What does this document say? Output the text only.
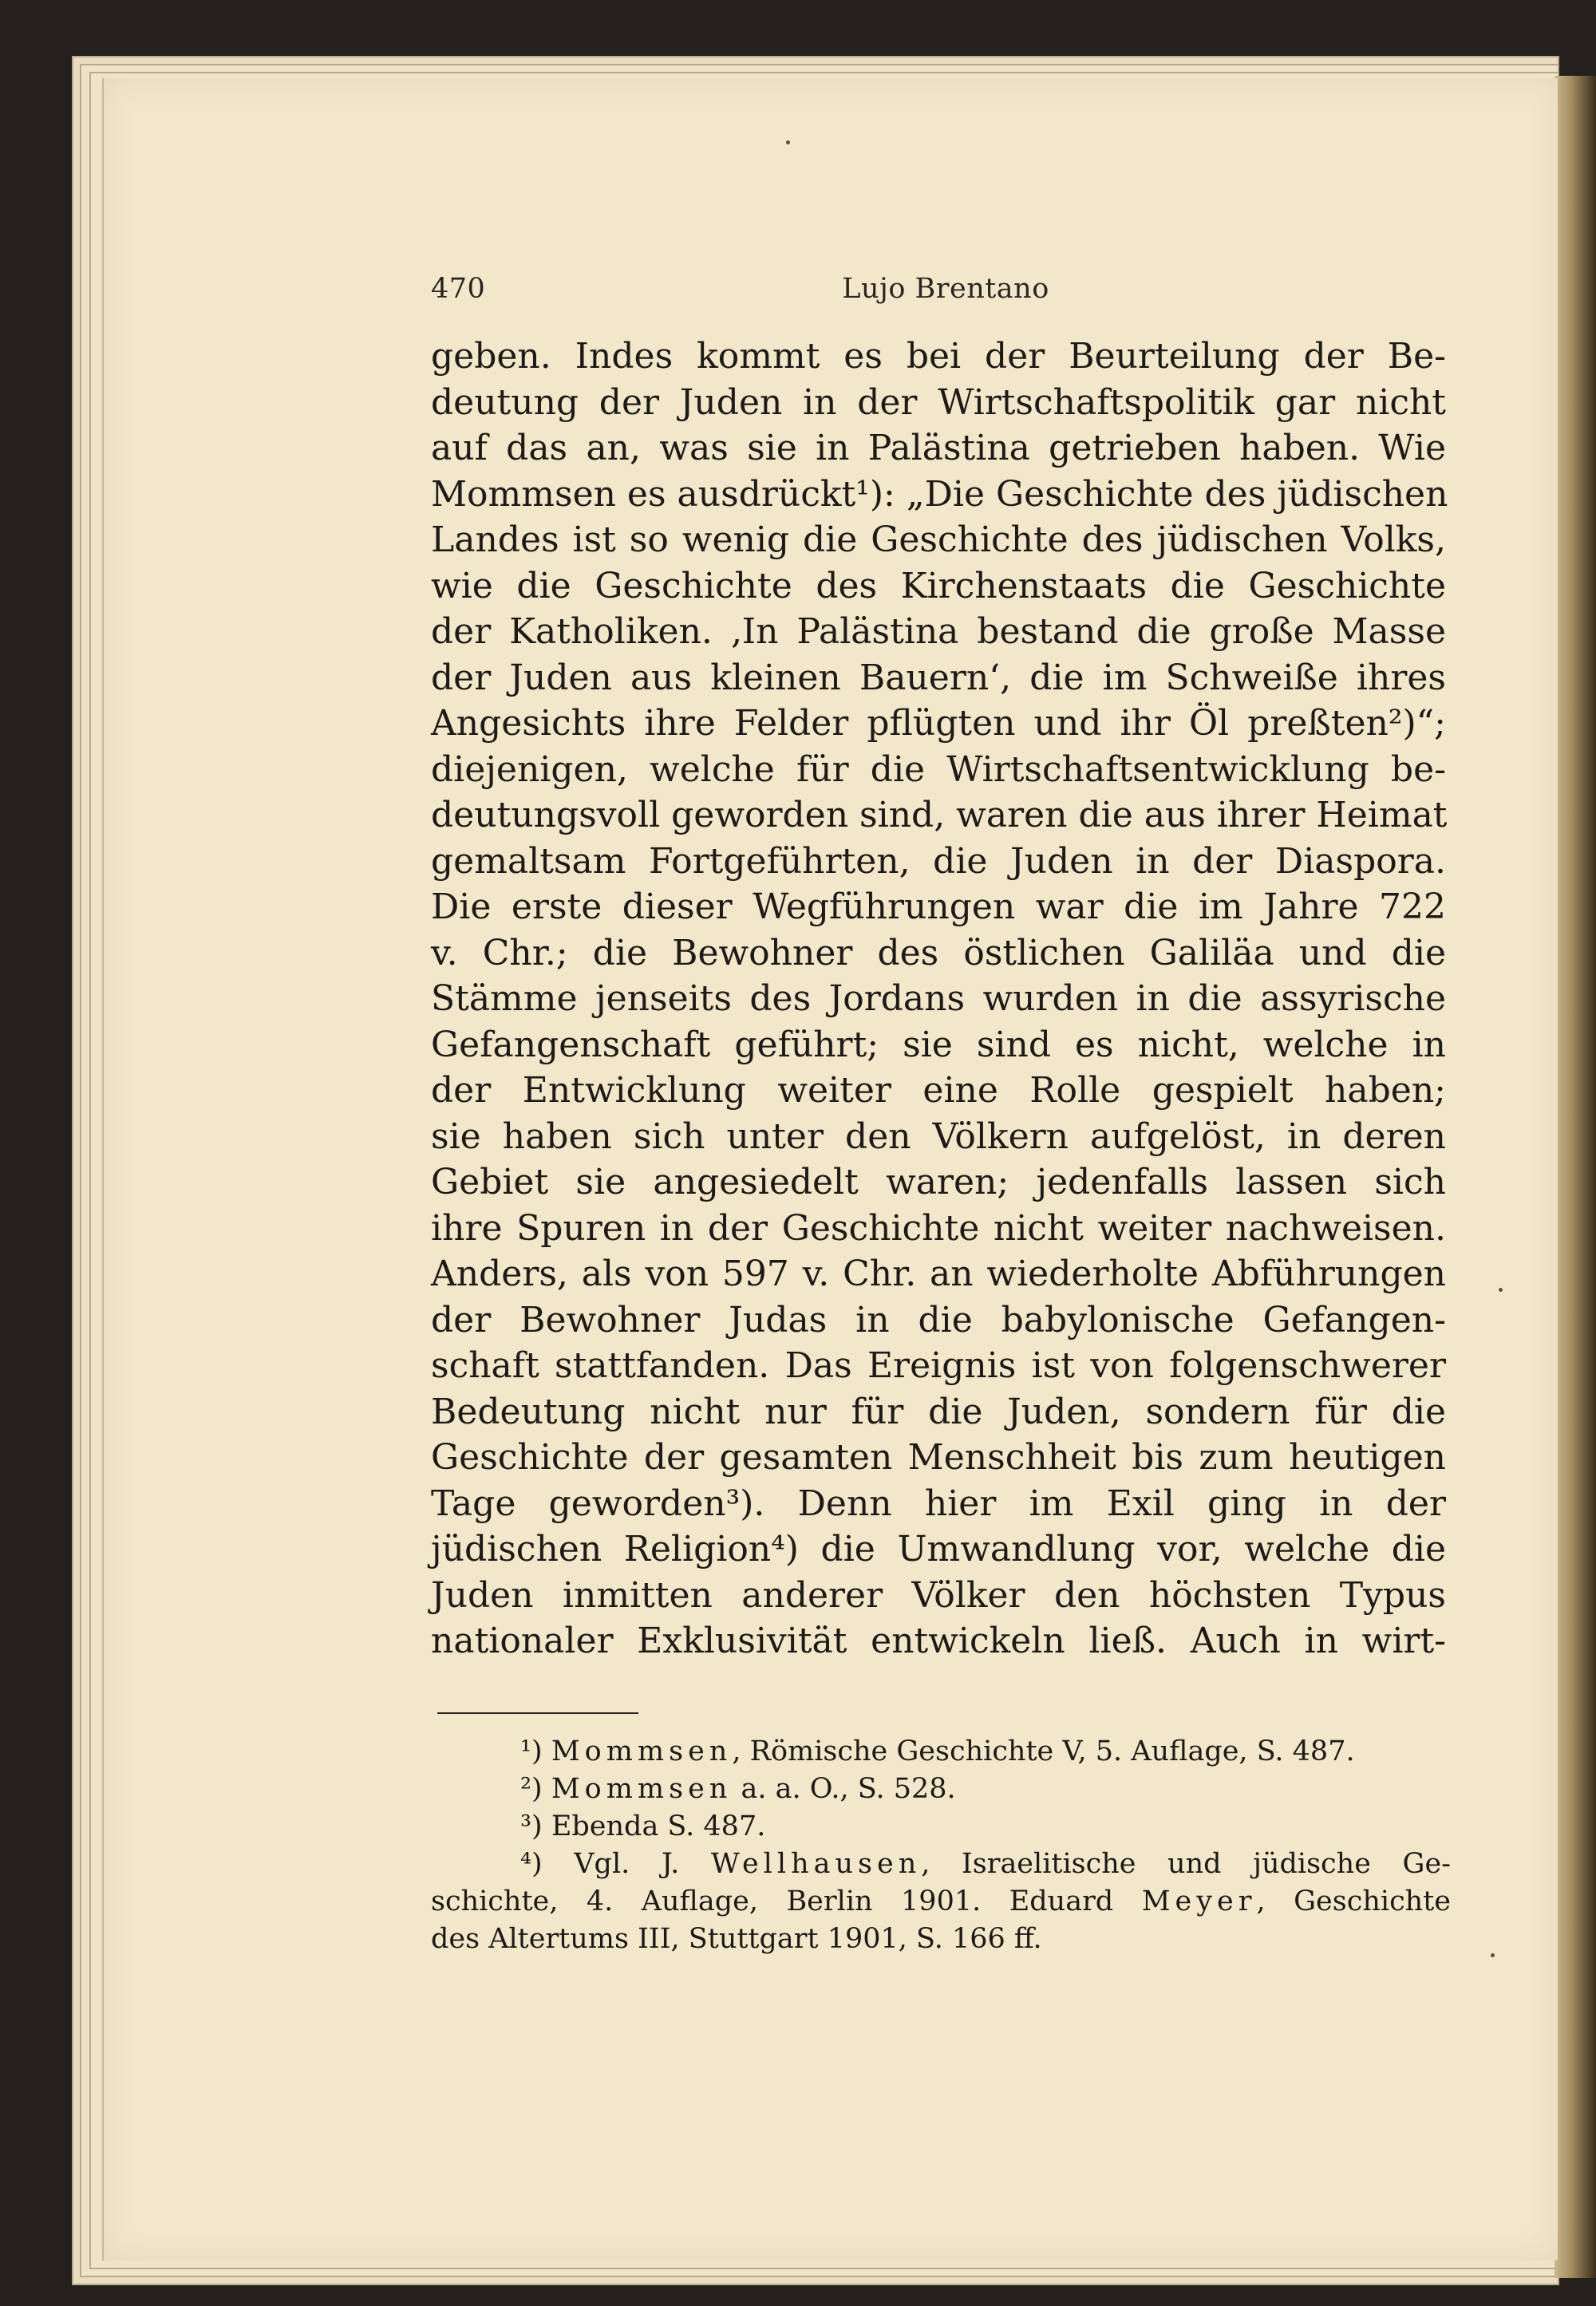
470	Lujo Brentano
geben. Indes kommt es bei der Beurteilung der Be-
deutung der Juden in der Wirtschaftspolitik gar nicht
auf das an, was sie in Palästina getrieben haben. Wie
Mommsen es ausdrückt¹): „Die Geschichte des jüdischen
Landes ist so wenig die Geschichte des jüdischen Volks,
wie die Geschichte des Kirchenstaats die Geschichte
der Katholiken. ‚In Palästina bestand die große Masse
der Juden aus kleinen Bauern‘, die im Schweiße ihres
Angesichts ihre Felder pflügten und ihr Öl preßten²)“;
diejenigen, welche für die Wirtschaftsentwicklung be-
deutungsvoll geworden sind, waren die aus ihrer Heimat
gemaltsam Fortgeführten, die Juden in der Diaspora.
Die erste dieser Wegführungen war die im Jahre 722
v. Chr.; die Bewohner des östlichen Galiläa und die
Stämme jenseits des Jordans wurden in die assyrische
Gefangenschaft geführt; sie sind es nicht, welche in
der Entwicklung weiter eine Rolle gespielt haben;
sie haben sich unter den Völkern aufgelöst, in deren
Gebiet sie angesiedelt waren; jedenfalls lassen sich
ihre Spuren in der Geschichte nicht weiter nachweisen.
Anders, als von 597 v. Chr. an wiederholte Abführungen
der Bewohner Judas in die babylonische Gefangen-
schaft stattfanden. Das Ereignis ist von folgenschwerer
Bedeutung nicht nur für die Juden, sondern für die
Geschichte der gesamten Menschheit bis zum heutigen
Tage geworden³). Denn hier im Exil ging in der
jüdischen Religion⁴) die Umwandlung vor, welche die
Juden inmitten anderer Völker den höchsten Typus
nationaler Exklusivität entwickeln ließ. Auch in wirt-
¹) Mommsen, Römische Geschichte V, 5. Auflage, S. 487.
²) Mommsen a. a. O., S. 528.
³) Ebenda S. 487.
⁴) Vgl. J. Wellhausen, Israelitische und jüdische Ge-
schichte, 4. Auflage, Berlin 1901. Eduard Meyer, Geschichte
des Altertums III, Stuttgart 1901, S. 166 ff.
